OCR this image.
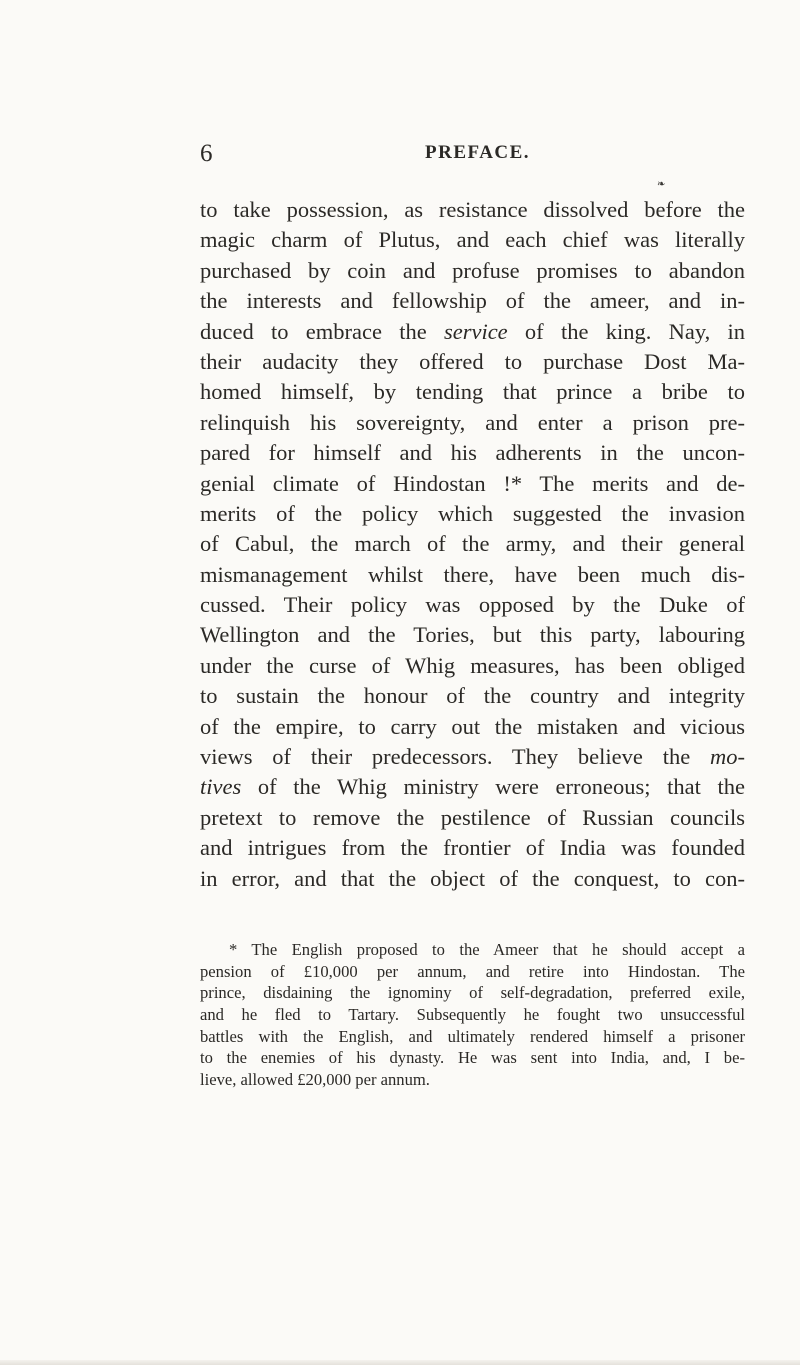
6	PREFACE.
❧
to take possession, as resistance dissolved before the
magic charm of Plutus, and each chief was literally
purchased by coin and profuse promises to abandon
the interests and fellowship of the ameer, and in-
duced to embrace the service of the king. Nay, in
their audacity they offered to purchase Dost Ma-
homed himself, by tending that prince a bribe to
relinquish his sovereignty, and enter a prison pre-
pared for himself and his adherents in the uncon-
genial climate of Hindostan !* The merits and de-
merits of the policy which suggested the invasion
of Cabul, the march of the army, and their general
mismanagement whilst there, have been much dis-
cussed. Their policy was opposed by the Duke of
Wellington and the Tories, but this party, labouring
under the curse of Whig measures, has been obliged
to sustain the honour of the country and integrity
of the empire, to carry out the mistaken and vicious
views of their predecessors. They believe the mo-
tives of the Whig ministry were erroneous; that the
pretext to remove the pestilence of Russian councils
and intrigues from the frontier of India was founded
in error, and that the object of the conquest, to con-
* The English proposed to the Ameer that he should accept a
pension of £10,000 per annum, and retire into Hindostan. The
prince, disdaining the ignominy of self-degradation, preferred exile,
and he fled to Tartary. Subsequently he fought two unsuccessful
battles with the English, and ultimately rendered himself a prisoner
to the enemies of his dynasty. He was sent into India, and, I be-
lieve, allowed £20,000 per annum.
